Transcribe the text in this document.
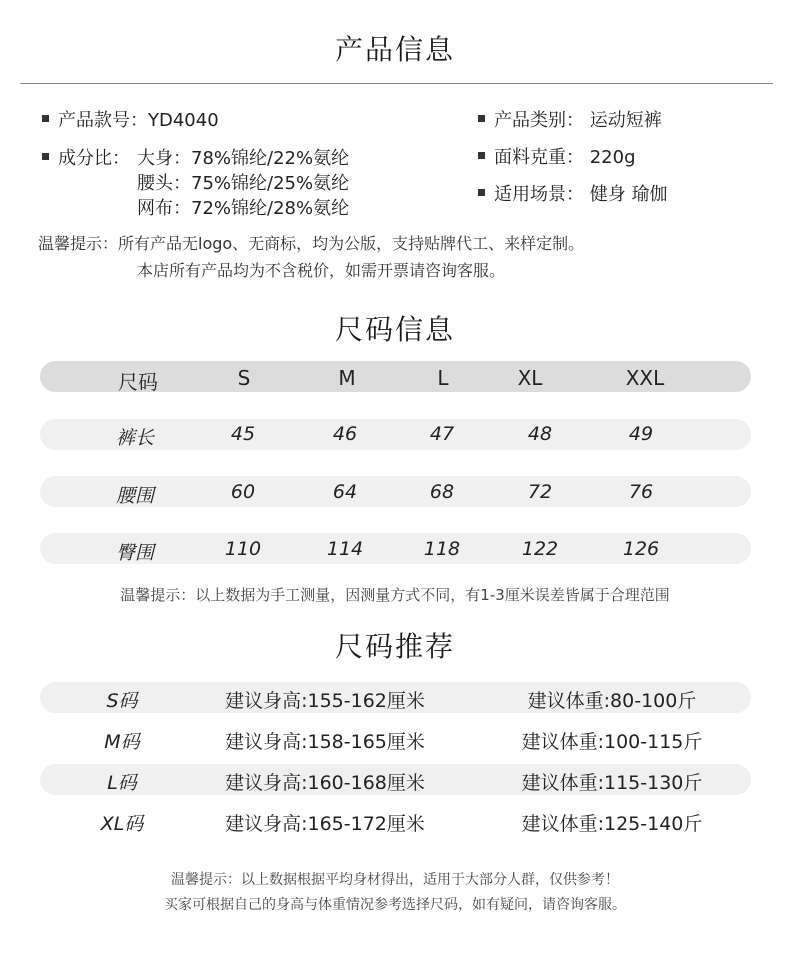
产品信息
产品款号：YD4040	产品类别： 运动短裤
成分比： 大身：78%锦纶/22%氨纶
腰头：75%锦纶/25%氨纶
网布：72%锦纶/28%氨纶
面料克重： 220g
适用场景： 健身 瑜伽
温馨提示：所有产品无logo、无商标，均为公版，支持贴牌代工、来样定制。
本店所有产品均为不含税价，如需开票请咨询客服。
尺码信息
尺码	S	M	L	XL	XXL
裤长	45	46	47	48	49
腰围	60	64	68	72	76
臀围	110	114	118	122	126
温馨提示：以上数据为手工测量，因测量方式不同，有1-3厘米误差皆属于合理范围
尺码推荐
S码	建议身高:155-162厘米	建议体重:80-100斤
M码	建议身高:158-165厘米	建议体重:100-115斤
L码	建议身高:160-168厘米	建议体重:115-130斤
XL码	建议身高:165-172厘米	建议体重:125-140斤
温馨提示：以上数据根据平均身材得出，适用于大部分人群，仅供参考！
买家可根据自己的身高与体重情况参考选择尺码，如有疑问，请咨询客服。
